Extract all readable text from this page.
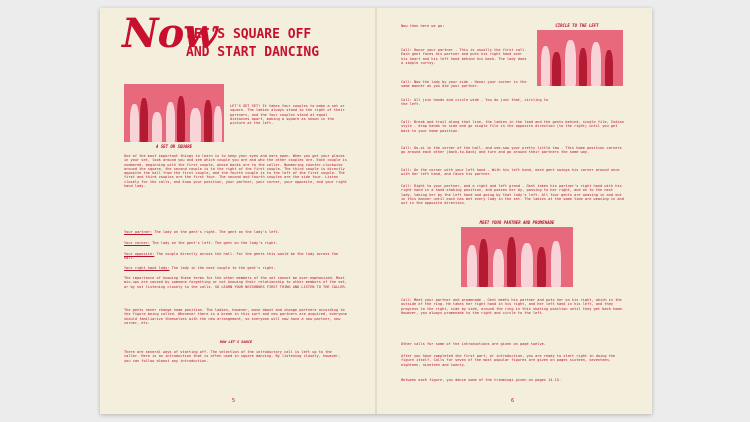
Now
LET'S SQUARE OFF
AND START DANCING
A SET OR SQUARE
LET'S GET SET! It takes four couples to make a set or square. The ladies always stand to the right of their partners, and the four couples stand at equal distances apart, making a square as shown in the picture at the left.
One of the most important things to learn is to keep your eyes and ears open. When you get your places in your set, look around you and see which couple you are and who the other couples are. Each couple is numbered, beginning with the first couple, whose backs are to the caller. Numbering counter-clockwise around the square, the second couple is to the right of the first couple. The third couple is directly opposite the hall from the first couple, and the fourth couple is to the left of the first couple. The first and third couples are the first four. The second and fourth couples are the side four. Listen closely for the calls, and know your position, your partner, your corner, your opposite, and your right hand lady.
Your partner: The lady on the gent's right. The gent on the lady's left.
Your corner: The lady on the gent's left. The gent on the lady's right.
Your opposite: The couple directly across the hall. For the gents this would be the lady across the hall.
Your right hand lady: The lady in the next couple to the gent's right.
The importance of knowing these terms for the other members of the set cannot be over-emphasized. Most mix-ups are caused by someone forgetting or not knowing their relationship to other members of the set, or by not listening closely to the calls. SO LEARN YOUR NEIGHBORS FIRST THING AND LISTEN TO THE CALLER.
The gents never change home position. The ladies, however, move about and change partners according to the figure being called. Whenever there is a break in this sort and new partners are acquired, everyone should familiarize themselves with the new arrangement, so everyone will now have a new partner, new corner, etc.
NOW LET'S DANCE
There are several ways of starting off. The selection of the introductory call is left up to the caller. Here is an introduction that is often used in square dancing. By listening closely, however, you can follow almost any introduction.
5
Now then here we go:	CIRCLE TO THE LEFT
Call: Honor your partner - This is usually the first call. Each gent faces his partner and puts his right hand over his heart and his left hand behind his back. The lady does a simple curtsy.
Call: Now the lady by your side - Honor your corner in the same manner as you did your partner.
Call: All join hands and circle wide - You do just that, circling to the left.
Call: Break and trail along that line, the ladies in the lead and the gents behind, single file, Indian style - drop hands to side and go single file in the opposite direction (to the right) until you get back to your home position.
Call: Do-si in the corner of the hall, and see-saw your pretty little taw - This home position corners go around each other (back-to-back) and turn and go around their partners the same way.
Call: On the corner with your left hand - With his left hand, each gent swings his corner around once with her left hand, and faces his partner.
Call: Right to your partner, and a right and left grand - Gent takes his partner's right hand with his right hand in a hand-shaking position, and passes her by, passing to her right, and on to the next lady, taking her by the left hand and going by that lady's left. All four gents are weaving in and out in this manner until each has met every lady in the set. The ladies at the same time are weaving in and out in the opposite direction.
MEET YOUR PARTNER AND PROMENADE
Call: Meet your partner and promenade - Gent meets his partner and puts her on his right, which is the outside of the ring. He takes her right hand in his right, and her left hand in his left, and they progress to the right, side by side, around the ring in this skating position until they get back home. However, you always promenade to the right and circle to the left.
Other calls for some of the introductions are given on page twelve.
After you have completed the first part, or introduction, you are ready to start right in doing the figure itself. Calls for seven of the most popular figures are given on pages sixteen, seventeen, eighteen, nineteen and twenty.
Between each figure, you dance some of the trimmings given on pages 14-15.
6
